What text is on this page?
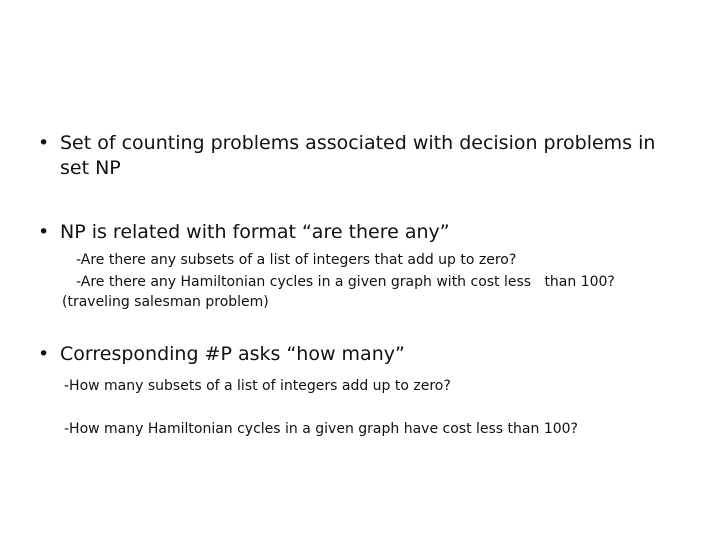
• Set of counting problems associated with decision problems in set NP
• NP is related with format “are there any”
-Are there any subsets of a list of integers that add up to zero?
-Are there any Hamiltonian cycles in a given graph with cost less   than 100?
(traveling salesman problem)
• Corresponding #P asks “how many”
-How many subsets of a list of integers add up to zero?
-How many Hamiltonian cycles in a given graph have cost less than 100?
